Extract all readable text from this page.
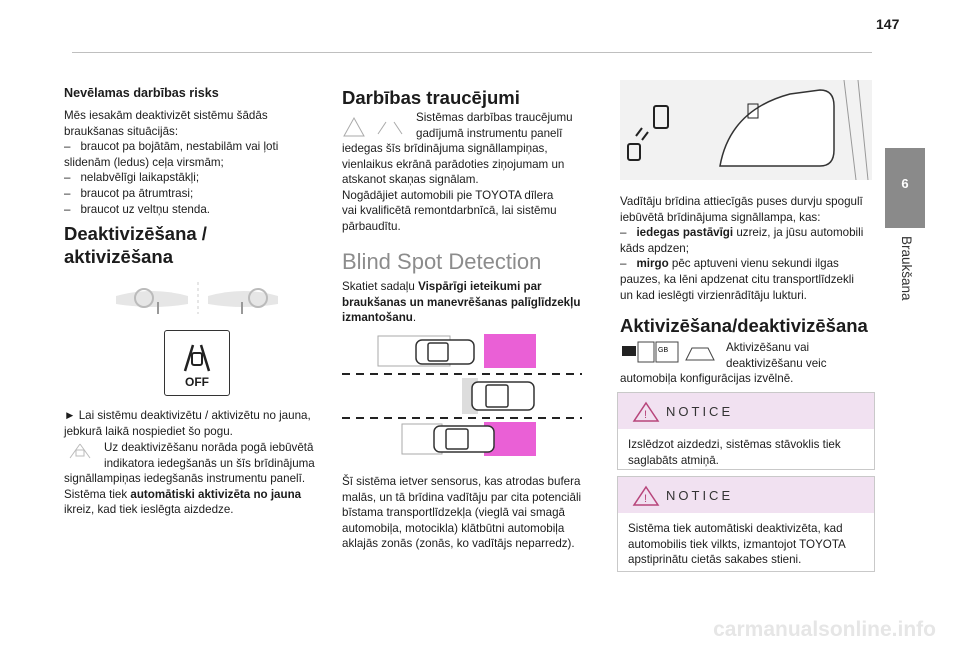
147
6
Braukšana
Nevēlamas darbības risks
Mēs iesakām deaktivizēt sistēmu šādās
braukšanas situācijās:
– braucot pa bojātām, nestabilām vai ļoti
slidenām (ledus) ceļa virsmām;
– nelabvēlīgi laikapstākļi;
– braucot pa ātrumtrasi;
– braucot uz veltņu stenda.
Deaktivizēšana /
aktivizēšana
OFF
► Lai sistēmu deaktivizētu / aktivizētu no jauna,
jebkurā laikā nospiediet šo pogu.
Uz deaktivizēšanu norāda pogā iebūvētā
indikatora iedegšanās un šīs brīdinājuma
signāllampiņas iedegšanās instrumentu panelī.
Sistēma tiek automātiski aktivizēta no jauna
ikreiz, kad tiek ieslēgta aizdedze.
Darbības traucējumi
Sistēmas darbības traucējumu
gadījumā instrumentu panelī
iedegas šīs brīdinājuma signāllampiņas,
vienlaikus ekrānā parādoties ziņojumam un
atskanot skaņas signālam.
Nogādājiet automobili pie TOYOTA dīlera
vai kvalificētā remontdarbnīcā, lai sistēmu
pārbaudītu.
Blind Spot Detection
Skatiet sadaļu Vispārīgi ieteikumi par
braukšanas un manevrēšanas palīglīdzekļu
izmantošanu.
Šī sistēma ietver sensorus, kas atrodas bufera
malās, un tā brīdina vadītāju par cita potenciāli
bīstama transportlīdzekļa (vieglā vai smagā
automobiļa, motocikla) klātbūtni automobiļa
aklajās zonās (zonās, ko vadītājs neparredz).
Vadītāju brīdina attiecīgās puses durvju spogulī
iebūvētā brīdinājuma signāllampa, kas:
– iedegas pastāvīgi uzreiz, ja jūsu automobili
kāds apdzen;
– mirgo pēc aptuveni vienu sekundi ilgas
pauzes, ka lēni apdzenat citu transportlīdzekli
un kad ieslēgti virzienrādītāju lukturi.
Aktivizēšana/deaktivizēšana
GB	Aktivizēšanu vai
deaktivizēšanu veic
automobiļa konfigurācijas izvēlnē.
! NOTICE
Izslēdzot aizdedzi, sistēmas stāvoklis tiek
saglabāts atmiņā.
! NOTICE
Sistēma tiek automātiski deaktivizēta, kad
automobilis tiek vilkts, izmantojot TOYOTA
apstiprinātu cietās sakabes stieni.
carmanualsonline.info
